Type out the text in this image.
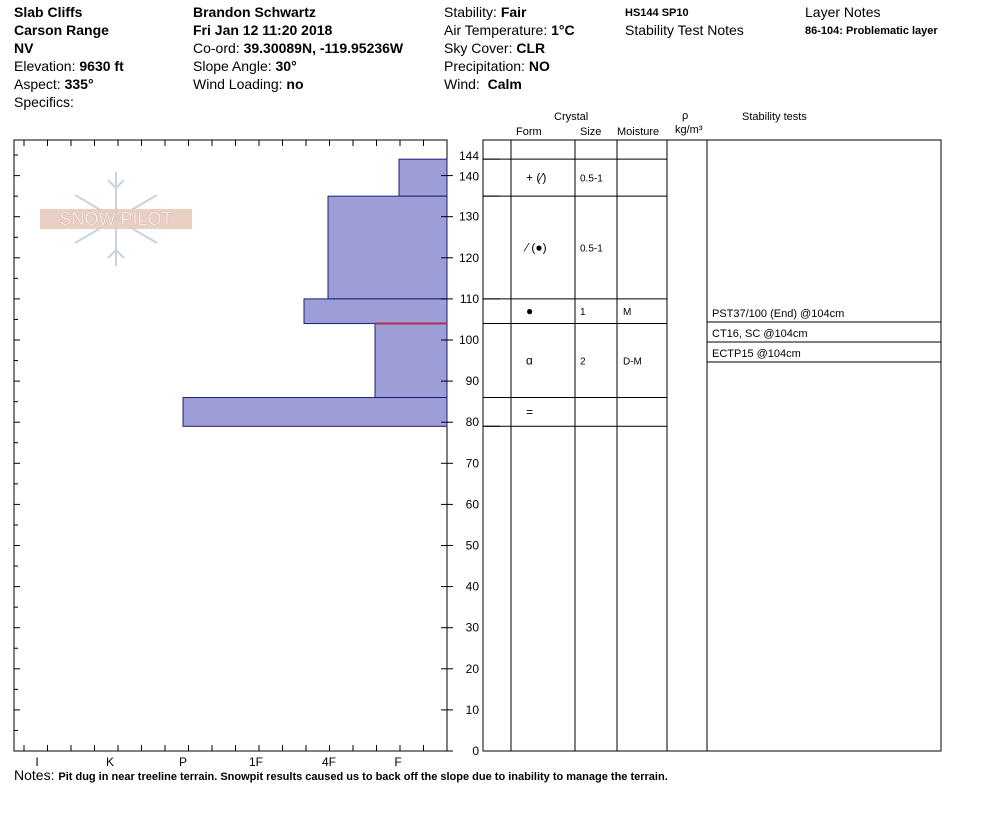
Slab Cliffs
Carson Range
NV
Elevation: 9630 ft
Aspect: 335°
Specifics:
Brandon Schwartz
Fri Jan 12 11:20 2018
Co-ord: 39.30089N, -119.95236W
Slope Angle: 30°
Wind Loading: no
Stability: Fair
Air Temperature: 1°C
Sky Cover: CLR
Precipitation: NO
Wind: Calm
HS144 SP10
Stability Test Notes
Layer Notes
86-104: Problematic layer
Crystal
Form	Size Moisture
ρ
kg/m³
Stability tests
SNOW PILOT
I	K	P	1F	4F	F
0
10
20
30
40
50
60
70
80
90
100
110
120
130
140
144
+ (⁄)	0.5-1
⁄ (●)	0.5-1
●	1	M
ɑ	2	D-M
=
PST37/100 (End) @104cm
CT16, SC @104cm
ECTP15 @104cm
Notes: Pit dug in near treeline terrain. Snowpit results caused us to back off the slope due to inability to manage the terrain.
